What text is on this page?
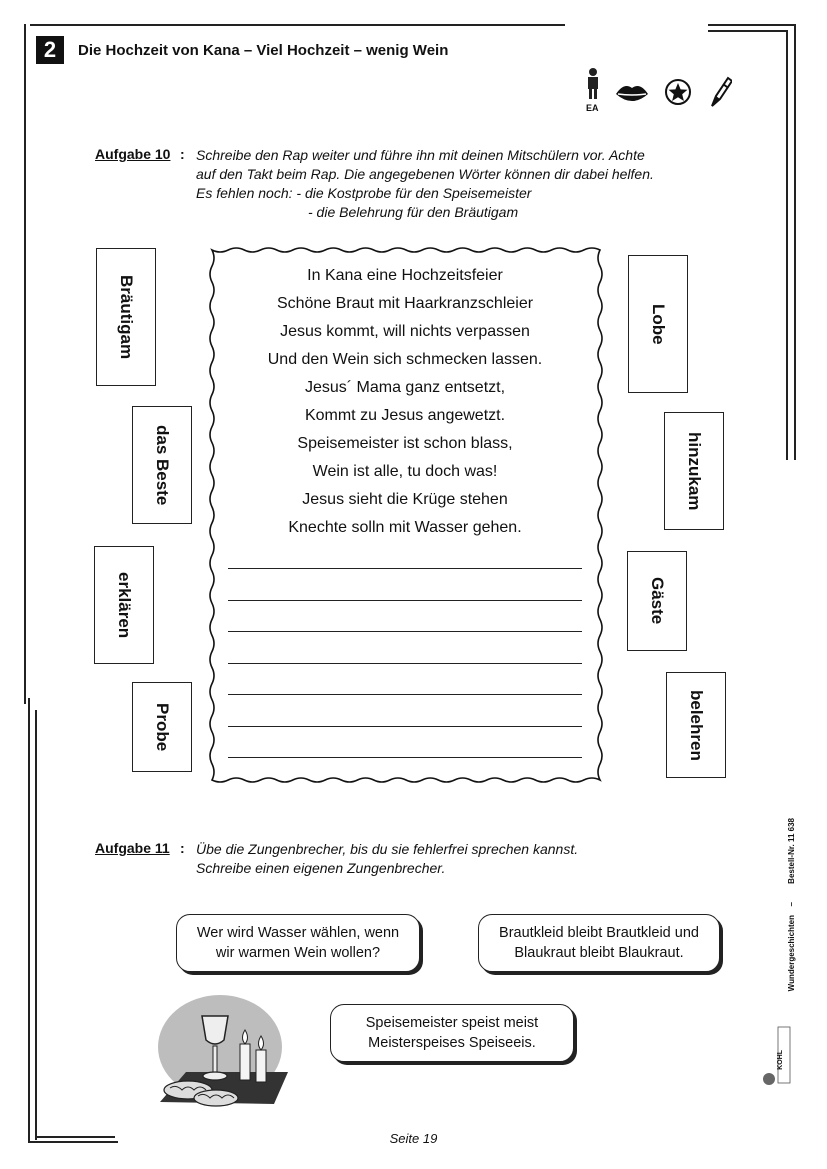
2	Die Hochzeit von Kana – Viel Hochzeit – wenig Wein
EA
Aufgabe 10 : Schreibe den Rap weiter und führe ihn mit deinen Mitschülern vor. Achte
auf den Takt beim Rap. Die angegebenen Wörter können dir dabei helfen.
Es fehlen noch: - die Kostprobe für den Speisemeister
- die Belehrung für den Bräutigam
In Kana eine Hochzeitsfeier
Schöne Braut mit Haarkranzschleier
Jesus kommt, will nichts verpassen
Und den Wein sich schmecken lassen.
Jesus´ Mama ganz entsetzt,
Kommt zu Jesus angewetzt.
Speisemeister ist schon blass,
Wein ist alle, tu doch was!
Jesus sieht die Krüge stehen
Knechte solln mit Wasser gehen.
Bräutigam
das Beste
erklären
Probe
Lobe
hinzukam
Gäste
belehren
Aufgabe 11 : Übe die Zungenbrecher, bis du sie fehlerfrei sprechen kannst.
Schreibe einen eigenen Zungenbrecher.
Wer wird Wasser wählen, wenn
wir warmen Wein wollen?
Brautkleid bleibt Brautkleid und
Blaukraut bleibt Blaukraut.
Speisemeister speist meist
Meisterspeises Speiseeis.
Bestell-Nr. 11 638
–
Wundergeschichten
KOHL
Seite 19
